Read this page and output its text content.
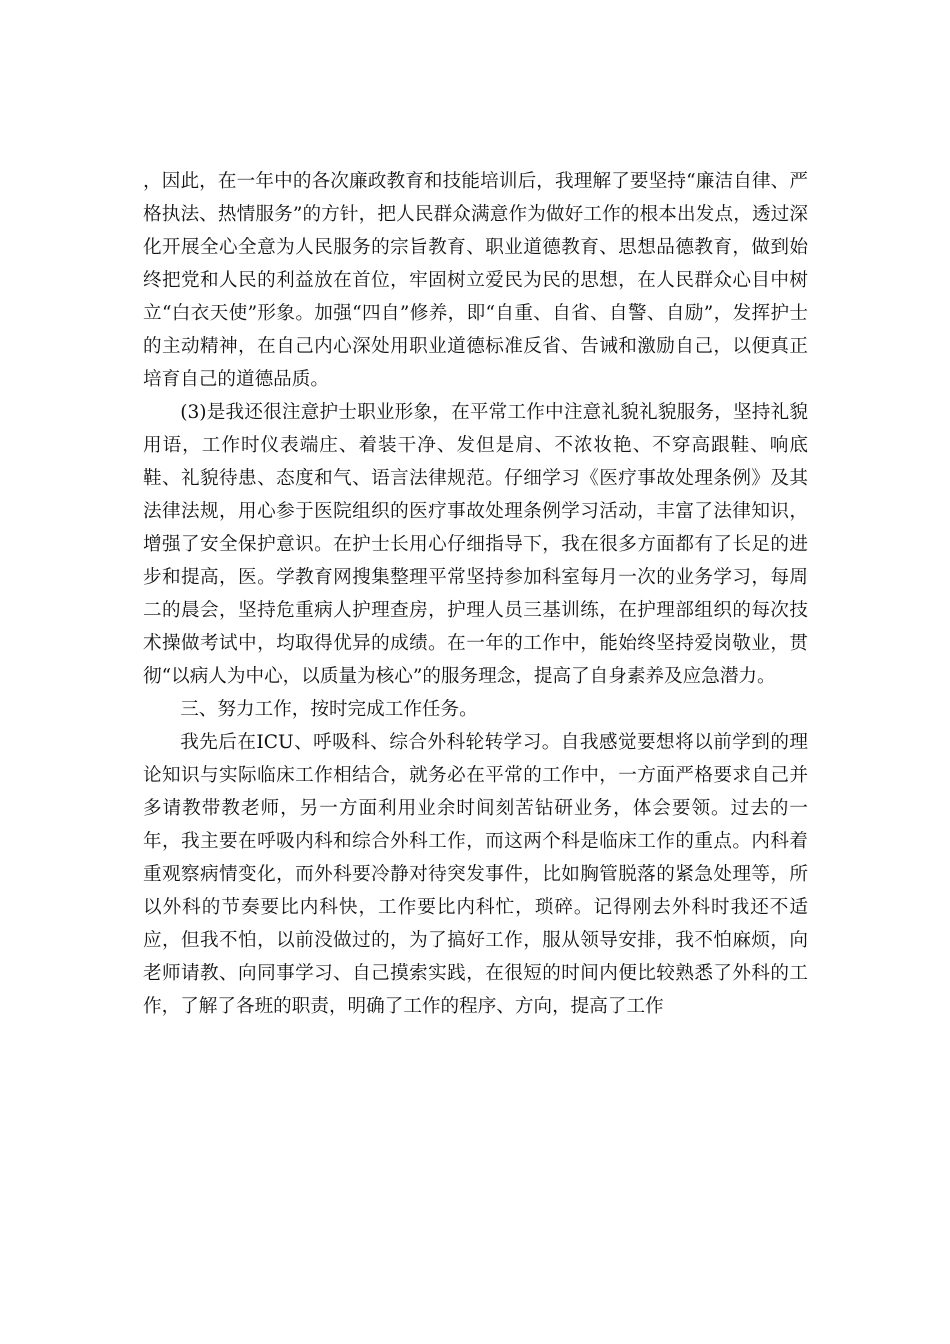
，因此，在一年中的各次廉政教育和技能培训后，我理解了要坚持“廉洁自律、严格执法、热情服务”的方针，把人民群众满意作为做好工作的根本出发点，透过深化开展全心全意为人民服务的宗旨教育、职业道德教育、思想品德教育，做到始终把党和人民的利益放在首位，牢固树立爱民为民的思想，在人民群众心目中树立“白衣天使”形象。加强“四自”修养，即“自重、自省、自警、自励”，发挥护士的主动精神，在自己内心深处用职业道德标准反省、告诫和激励自己，以便真正培育自己的道德品质。

(3)是我还很注意护士职业形象，在平常工作中注意礼貌礼貌服务，坚持礼貌用语，工作时仪表端庄、着装干净、发但是肩、不浓妆艳、不穿高跟鞋、响底鞋、礼貌待患、态度和气、语言法律规范。仔细学习《医疗事故处理条例》及其法律法规，用心参于医院组织的医疗事故处理条例学习活动，丰富了法律知识，增强了安全保护意识。在护士长用心仔细指导下，我在很多方面都有了长足的进步和提高，医。学教育网搜集整理平常坚持参加科室每月一次的业务学习，每周二的晨会，坚持危重病人护理查房，护理人员三基训练，在护理部组织的每次技术操做考试中，均取得优异的成绩。在一年的工作中，能始终坚持爱岗敬业，贯彻“以病人为中心，以质量为核心”的服务理念，提高了自身素养及应急潜力。

三、努力工作，按时完成工作任务。

我先后在ICU、呼吸科、综合外科轮转学习。自我感觉要想将以前学到的理论知识与实际临床工作相结合，就务必在平常的工作中，一方面严格要求自己并多请教带教老师，另一方面利用业余时间刻苦钻研业务，体会要领。过去的一年，我主要在呼吸内科和综合外科工作，而这两个科是临床工作的重点。内科着重观察病情变化，而外科要冷静对待突发事件，比如胸管脱落的紧急处理等，所以外科的节奏要比内科快，工作要比内科忙，琐碎。记得刚去外科时我还不适应，但我不怕，以前没做过的，为了搞好工作，服从领导安排，我不怕麻烦，向老师请教、向同事学习、自己摸索实践，在很短的时间内便比较熟悉了外科的工作，了解了各班的职责，明确了工作的程序、方向，提高了工作
